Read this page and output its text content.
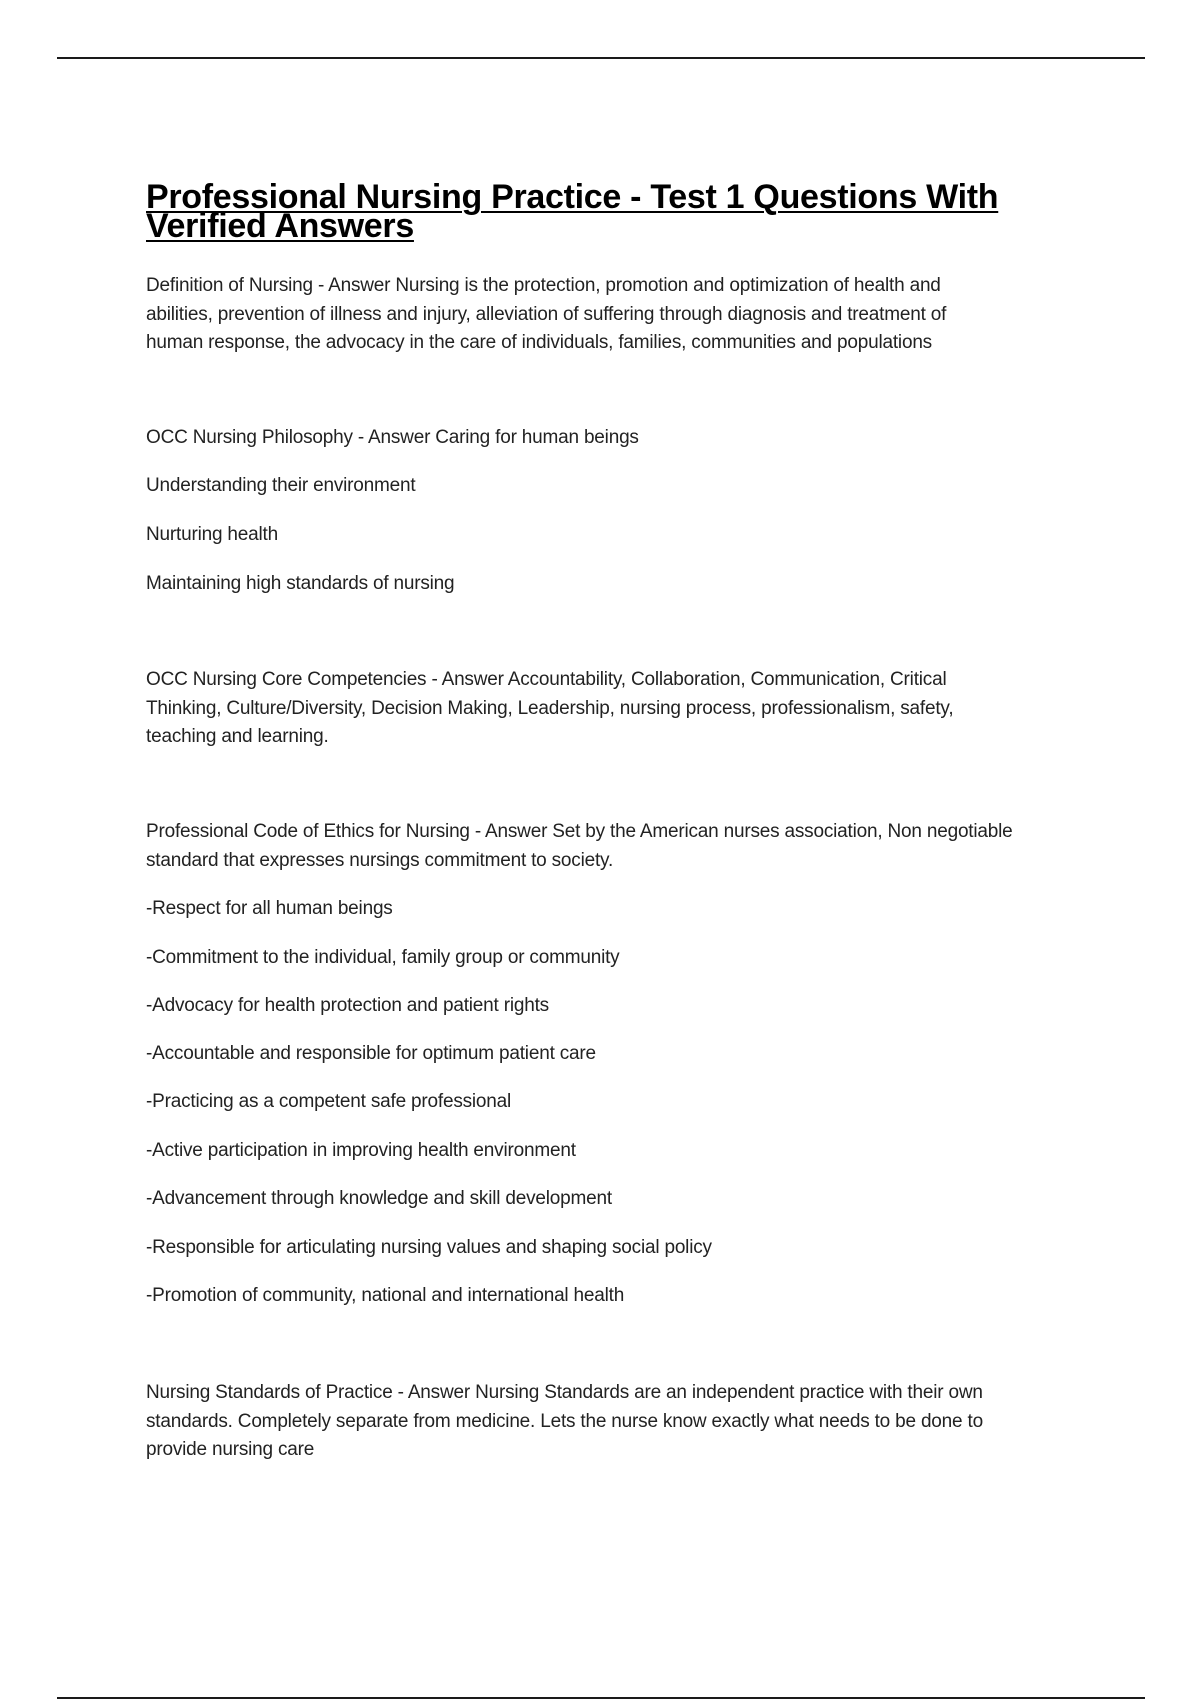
Professional Nursing Practice - Test 1 Questions With
Verified Answers
Definition of Nursing - Answer Nursing is the protection, promotion and optimization of health and
abilities, prevention of illness and injury, alleviation of suffering through diagnosis and treatment of
human response, the advocacy in the care of individuals, families, communities and populations
OCC Nursing Philosophy - Answer Caring for human beings
Understanding their environment
Nurturing health
Maintaining high standards of nursing
OCC Nursing Core Competencies - Answer Accountability, Collaboration, Communication, Critical
Thinking, Culture/Diversity, Decision Making, Leadership, nursing process, professionalism, safety,
teaching and learning.
Professional Code of Ethics for Nursing - Answer Set by the American nurses association, Non negotiable
standard that expresses nursings commitment to society.
-Respect for all human beings
-Commitment to the individual, family group or community
-Advocacy for health protection and patient rights
-Accountable and responsible for optimum patient care
-Practicing as a competent safe professional
-Active participation in improving health environment
-Advancement through knowledge and skill development
-Responsible for articulating nursing values and shaping social policy
-Promotion of community, national and international health
Nursing Standards of Practice - Answer Nursing Standards are an independent practice with their own
standards. Completely separate from medicine. Lets the nurse know exactly what needs to be done to
provide nursing care
